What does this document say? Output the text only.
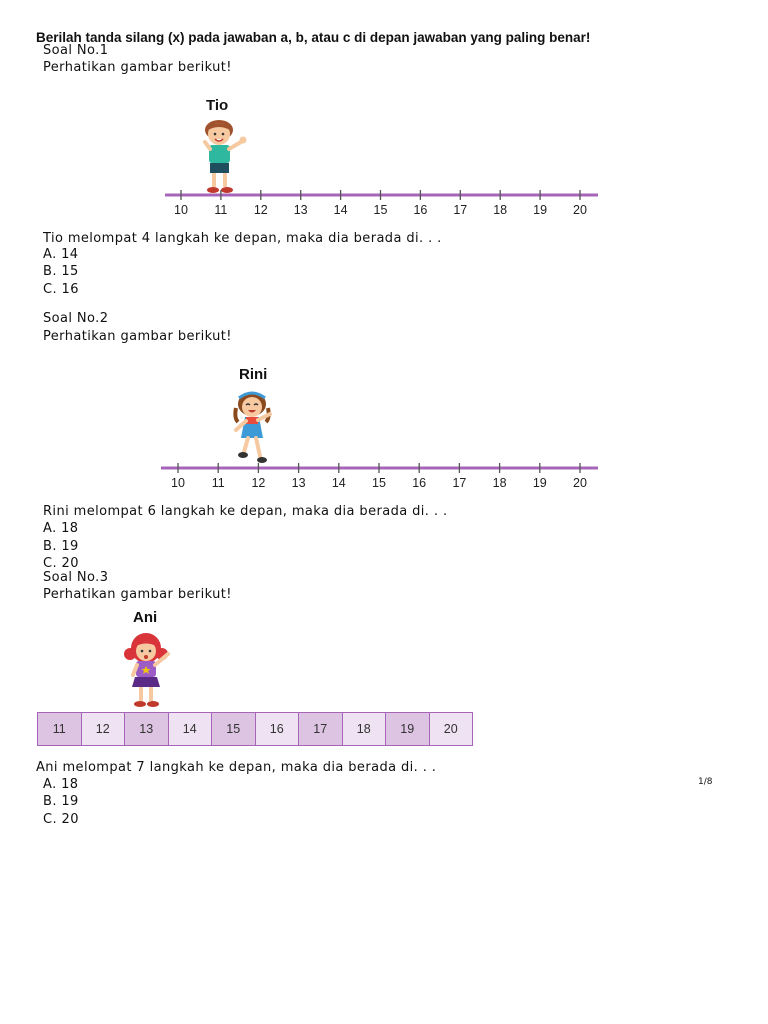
Berilah tanda silang (x) pada jawaban a, b, atau c di depan jawaban yang paling benar!
Soal No.1
Perhatikan gambar berikut!
Tio
10 11 12 13 14 15 16 17 18 19 20
Tio melompat 4 langkah ke depan, maka dia berada di. . .
A. 14
B. 15
C. 16
Soal No.2
Perhatikan gambar berikut!
Rini
10 11 12 13 14 15 16 17 18 19 20
Rini melompat 6 langkah ke depan, maka dia berada di. . .
A. 18
B. 19
C. 20
Soal No.3
Perhatikan gambar berikut!
Ani
11	12	13	14	15	16	17	18	19	20
Ani melompat 7 langkah ke depan, maka dia berada di. . .
A. 18
B. 19
C. 20
1/8
